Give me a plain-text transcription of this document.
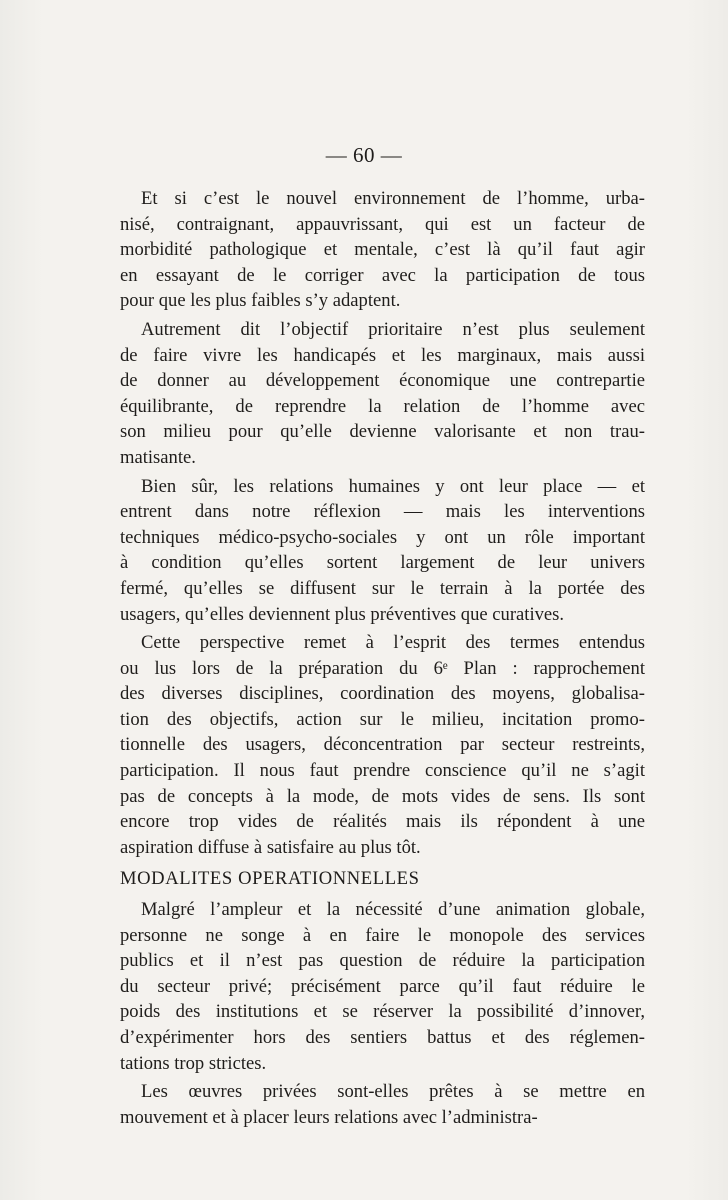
— 60 —
Et si c’est le nouvel environnement de l’homme, urba-
nisé, contraignant, appauvrissant, qui est un facteur de
morbidité pathologique et mentale, c’est là qu’il faut agir
en essayant de le corriger avec la participation de tous
pour que les plus faibles s’y adaptent.
Autrement dit l’objectif prioritaire n’est plus seulement
de faire vivre les handicapés et les marginaux, mais aussi
de donner au développement économique une contrepartie
équilibrante, de reprendre la relation de l’homme avec
son milieu pour qu’elle devienne valorisante et non trau-
matisante.
Bien sûr, les relations humaines y ont leur place — et
entrent dans notre réflexion — mais les interventions
techniques médico-psycho-sociales y ont un rôle important
à condition qu’elles sortent largement de leur univers
fermé, qu’elles se diffusent sur le terrain à la portée des
usagers, qu’elles deviennent plus préventives que curatives.
Cette perspective remet à l’esprit des termes entendus
ou lus lors de la préparation du 6ᵉ Plan : rapprochement
des diverses disciplines, coordination des moyens, globalisa-
tion des objectifs, action sur le milieu, incitation promo-
tionnelle des usagers, déconcentration par secteur restreints,
participation. Il nous faut prendre conscience qu’il ne s’agit
pas de concepts à la mode, de mots vides de sens. Ils sont
encore trop vides de réalités mais ils répondent à une
aspiration diffuse à satisfaire au plus tôt.
MODALITES OPERATIONNELLES
Malgré l’ampleur et la nécessité d’une animation globale,
personne ne songe à en faire le monopole des services
publics et il n’est pas question de réduire la participation
du secteur privé; précisément parce qu’il faut réduire le
poids des institutions et se réserver la possibilité d’innover,
d’expérimenter hors des sentiers battus et des réglemen-
tations trop strictes.
Les œuvres privées sont-elles prêtes à se mettre en
mouvement et à placer leurs relations avec l’administra-
